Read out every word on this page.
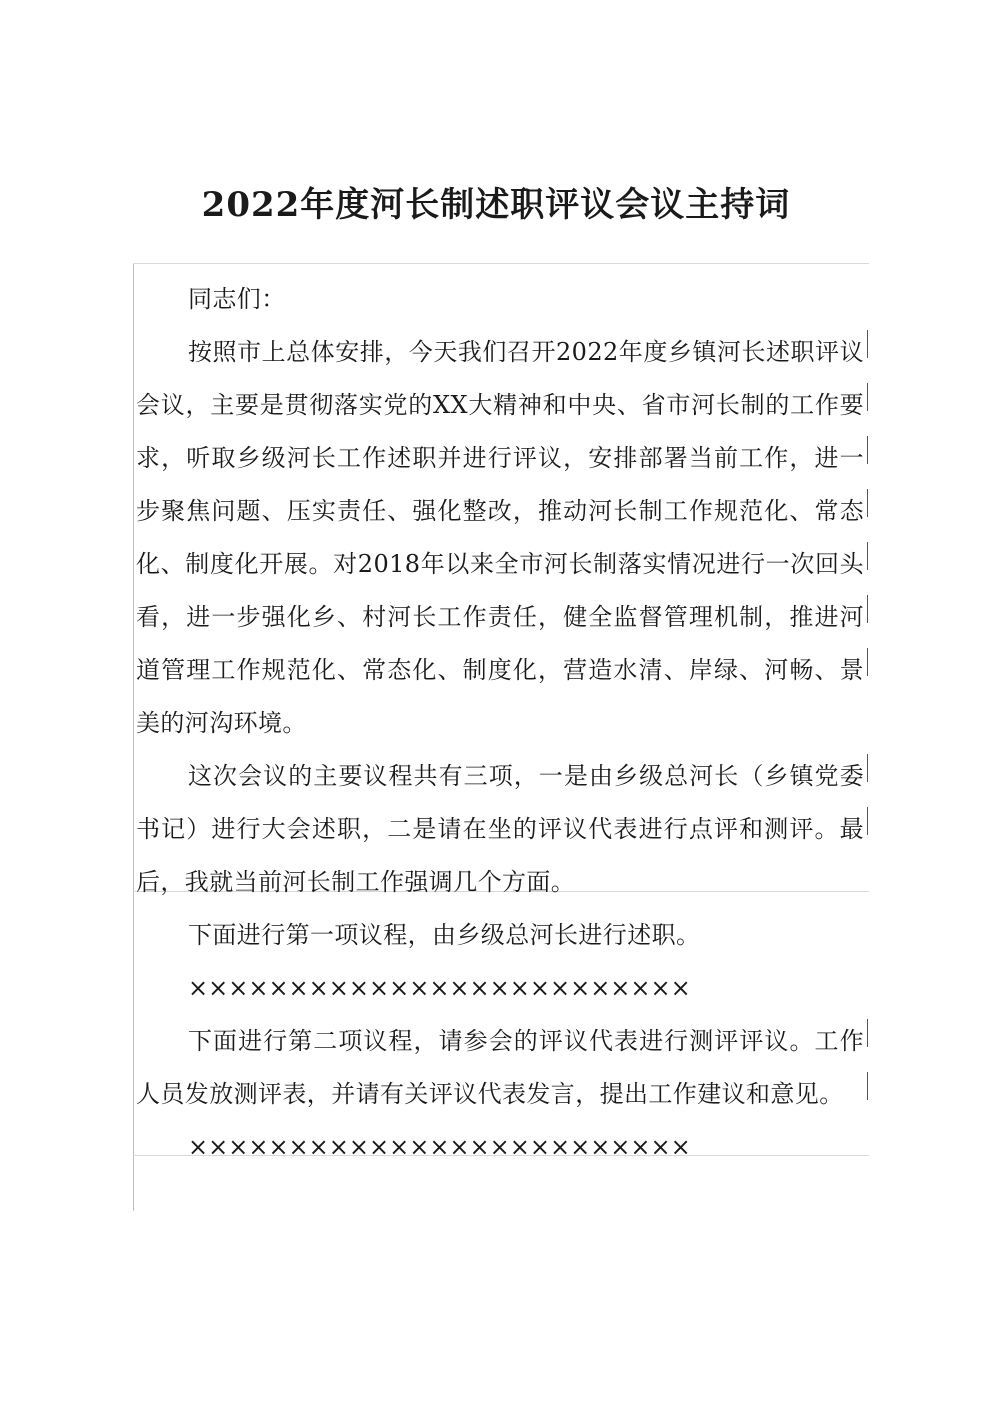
2022年度河长制述职评议会议主持词

同志们：

按照市上总体安排，今天我们召开2022年度乡镇河长述职评议会议，主要是贯彻落实党的XX大精神和中央、省市河长制的工作要求，听取乡级河长工作述职并进行评议，安排部署当前工作，进一步聚焦问题、压实责任、强化整改，推动河长制工作规范化、常态化、制度化开展。对2018年以来全市河长制落实情况进行一次回头看，进一步强化乡、村河长工作责任，健全监督管理机制，推进河道管理工作规范化、常态化、制度化，营造水清、岸绿、河畅、景美的河沟环境。

这次会议的主要议程共有三项，一是由乡级总河长（乡镇党委书记）进行大会述职，二是请在坐的评议代表进行点评和测评。最后，我就当前河长制工作强调几个方面。

下面进行第一项议程，由乡级总河长进行述职。

×××××××××××××××××××××××××

下面进行第二项议程，请参会的评议代表进行测评评议。工作人员发放测评表，并请有关评议代表发言，提出工作建议和意见。

×××××××××××××××××××××××××
